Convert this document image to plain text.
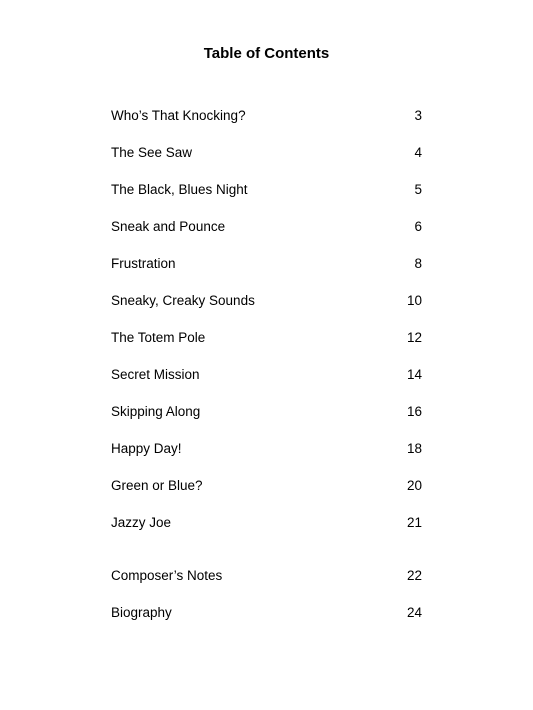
Table of Contents
Who’s That Knocking?	3
The See Saw	4
The Black, Blues Night	5
Sneak and Pounce	6
Frustration	8
Sneaky, Creaky Sounds	10
The Totem Pole	12
Secret Mission	14
Skipping Along	16
Happy Day!	18
Green or Blue?	20
Jazzy Joe	21
Composer’s Notes	22
Biography	24
